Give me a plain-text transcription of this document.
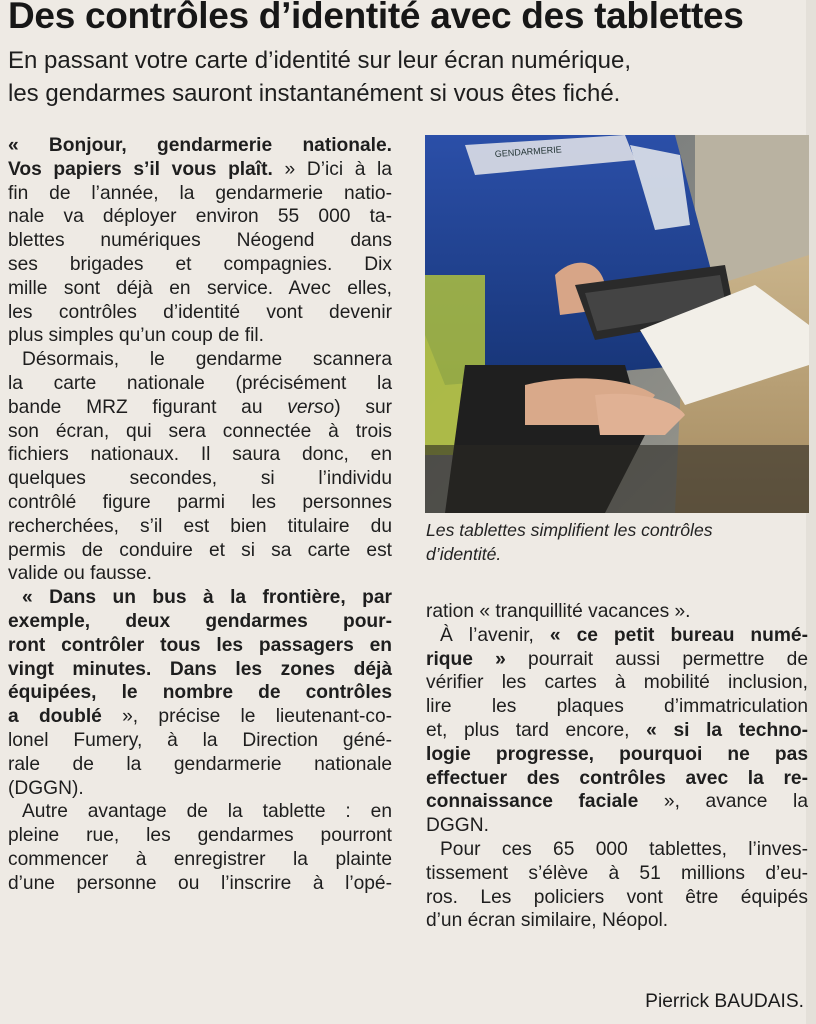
Des contrôles d’identité avec des tablettes
En passant votre carte d’identité sur leur écran numérique,
les gendarmes sauront instantanément si vous êtes fiché.
« Bonjour, gendarmerie nationale.
Vos papiers s’il vous plaît. » D’ici à la
fin de l’année, la gendarmerie natio-
nale va déployer environ 55 000 ta-
blettes numériques Néogend dans
ses brigades et compagnies. Dix
mille sont déjà en service. Avec elles,
les contrôles d’identité vont devenir
plus simples qu’un coup de fil.
Désormais, le gendarme scannera
la carte nationale (précisément la
bande MRZ figurant au verso) sur
son écran, qui sera connectée à trois
fichiers nationaux. Il saura donc, en
quelques secondes, si l’individu
contrôlé figure parmi les personnes
recherchées, s’il est bien titulaire du
permis de conduire et si sa carte est
valide ou fausse.
« Dans un bus à la frontière, par
exemple, deux gendarmes pour-
ront contrôler tous les passagers en
vingt minutes. Dans les zones déjà
équipées, le nombre de contrôles
a doublé », précise le lieutenant-co-
lonel Fumery, à la Direction géné-
rale de la gendarmerie nationale
(DGGN).
Autre avantage de la tablette : en
pleine rue, les gendarmes pourront
commencer à enregistrer la plainte
d’une personne ou l’inscrire à l’opé-
GENDARMERIE
Les tablettes simplifient les contrôles
d’identité.
ration « tranquillité vacances ».
À l’avenir, « ce petit bureau numé-
rique » pourrait aussi permettre de
vérifier les cartes à mobilité inclusion,
lire les plaques d’immatriculation
et, plus tard encore, « si la techno-
logie progresse, pourquoi ne pas
effectuer des contrôles avec la re-
connaissance faciale », avance la
DGGN.
Pour ces 65 000 tablettes, l’inves-
tissement s’élève à 51 millions d’eu-
ros. Les policiers vont être équipés
d’un écran similaire, Néopol.
Pierrick BAUDAIS.
